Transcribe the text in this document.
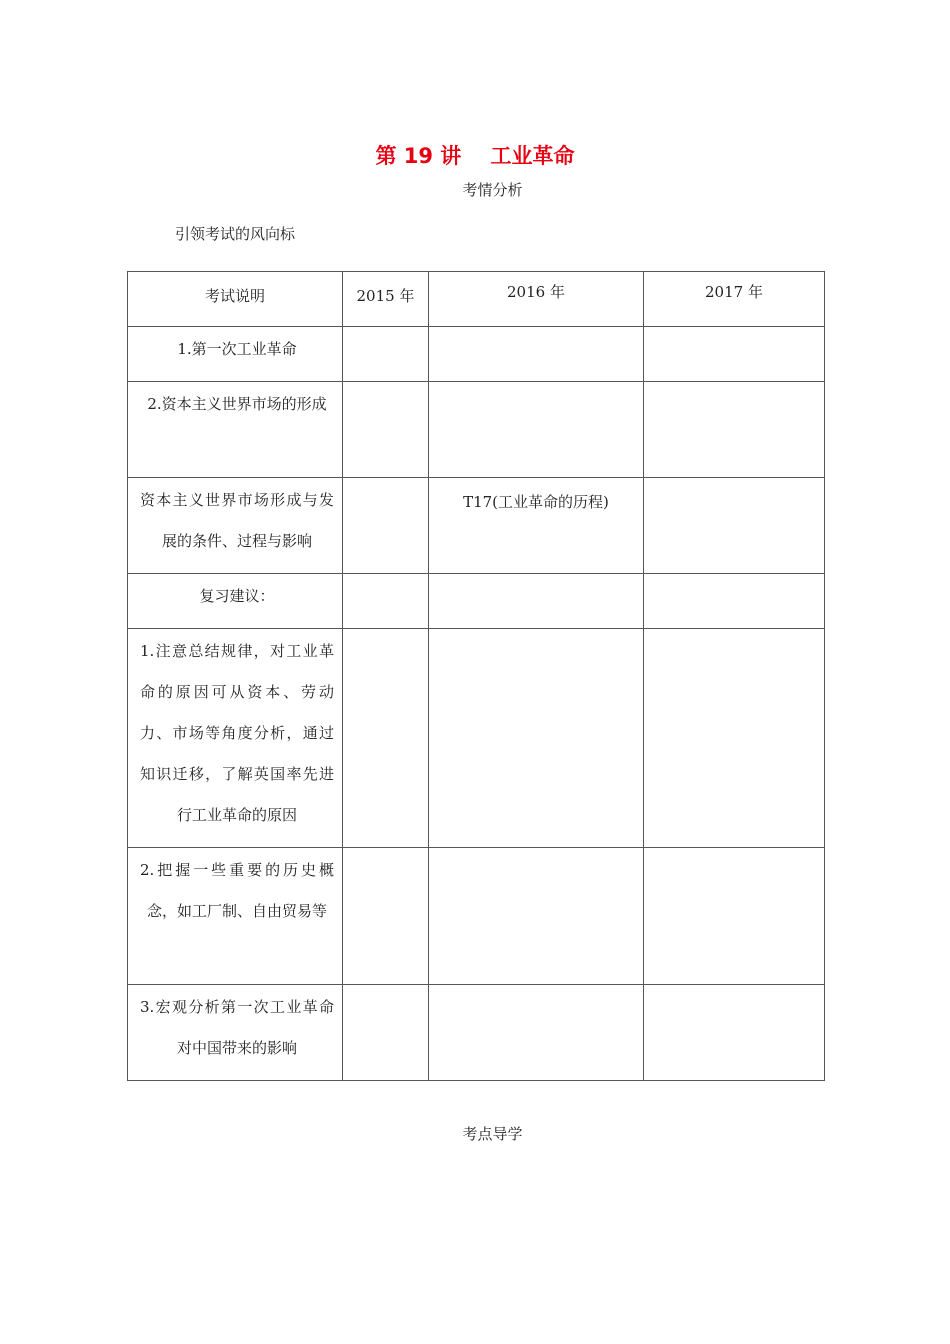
第 19 讲    工业革命
考情分析
引领考试的风向标
考试说明	2015 年	2016 年	2017 年
1.第一次工业革命			
2.资本主义世界市场的形成			
资本主义世界市场形成与发展的条件、过程与影响		T17(工业革命的历程)	
复习建议：			
1.注意总结规律，对工业革命的原因可从资本、劳动力、市场等角度分析，通过知识迁移，了解英国率先进行工业革命的原因			
2.把握一些重要的历史概念，如工厂制、自由贸易等			
3.宏观分析第一次工业革命对中国带来的影响			
考点导学
